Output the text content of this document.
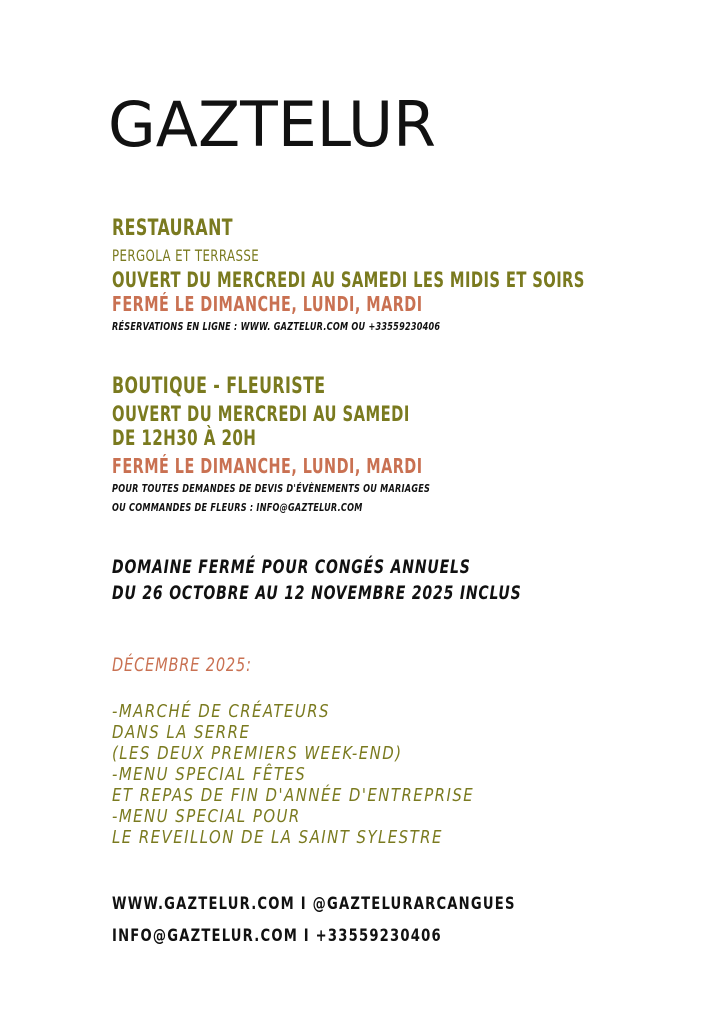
GAZTELUR
RESTAURANT
PERGOLA ET TERRASSE
OUVERT DU MERCREDI AU SAMEDI LES MIDIS ET SOIRS
FERMÉ LE DIMANCHE, LUNDI, MARDI
RÉSERVATIONS EN LIGNE : WWW. GAZTELUR.COM OU +33559230406
BOUTIQUE - FLEURISTE
OUVERT DU MERCREDI AU SAMEDI
DE 12H30 À 20H
FERMÉ LE DIMANCHE, LUNDI, MARDI
POUR TOUTES DEMANDES DE DEVIS D'ÉVÈNEMENTS OU MARIAGES
OU COMMANDES DE FLEURS : INFO@GAZTELUR.COM
DOMAINE FERMÉ POUR CONGÉS ANNUELS
DU 26 OCTOBRE AU 12 NOVEMBRE 2025 INCLUS
DÉCEMBRE 2025:
-MARCHÉ DE CRÉATEURS
DANS LA SERRE
(LES DEUX PREMIERS WEEK-END)
-MENU SPECIAL FÊTES
ET REPAS DE FIN D'ANNÉE D'ENTREPRISE
-MENU SPECIAL POUR
LE REVEILLON DE LA SAINT SYLESTRE
WWW.GAZTELUR.COM I @GAZTELURARCANGUES
INFO@GAZTELUR.COM I +33559230406
